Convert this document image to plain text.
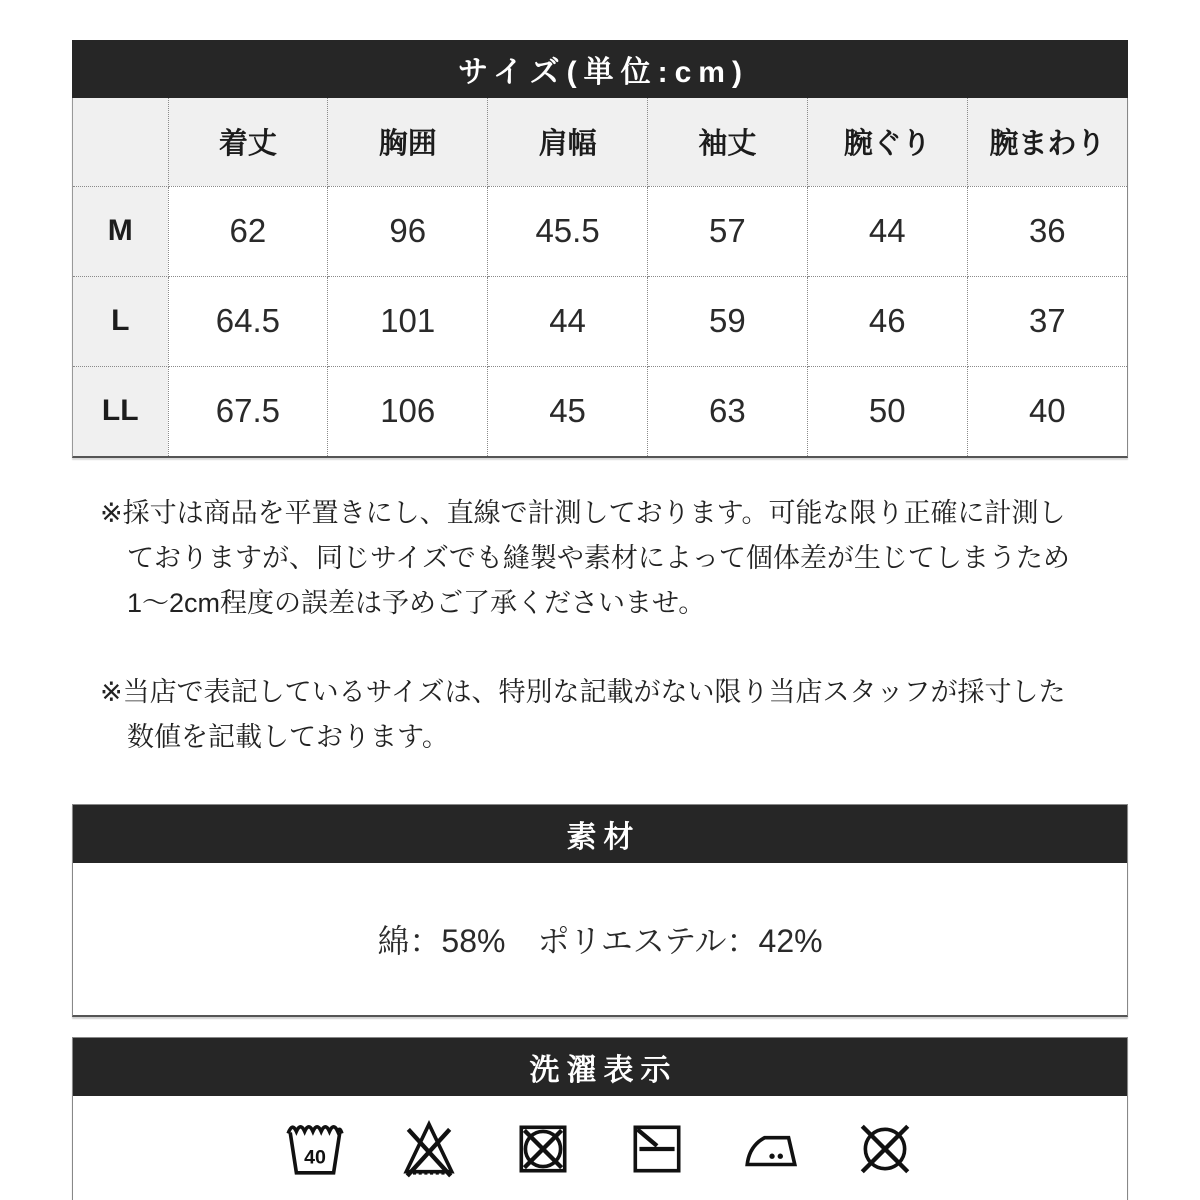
サイズ(単位:cm)
	着丈	胸囲	肩幅	袖丈	腕ぐり	腕まわり
M	62	96	45.5	57	44	36
L	64.5	101	44	59	46	37
LL	67.5	106	45	63	50	40
※採寸は商品を平置きにし、直線で計測しております。可能な限り正確に計測し
ておりますが、同じサイズでも縫製や素材によって個体差が生じてしまうため
1〜2cm程度の誤差は予めご了承くださいませ。
※当店で表記しているサイズは、特別な記載がない限り当店スタッフが採寸した
数値を記載しております。
素材
綿：58%　ポリエステル：42%
洗濯表示
40
